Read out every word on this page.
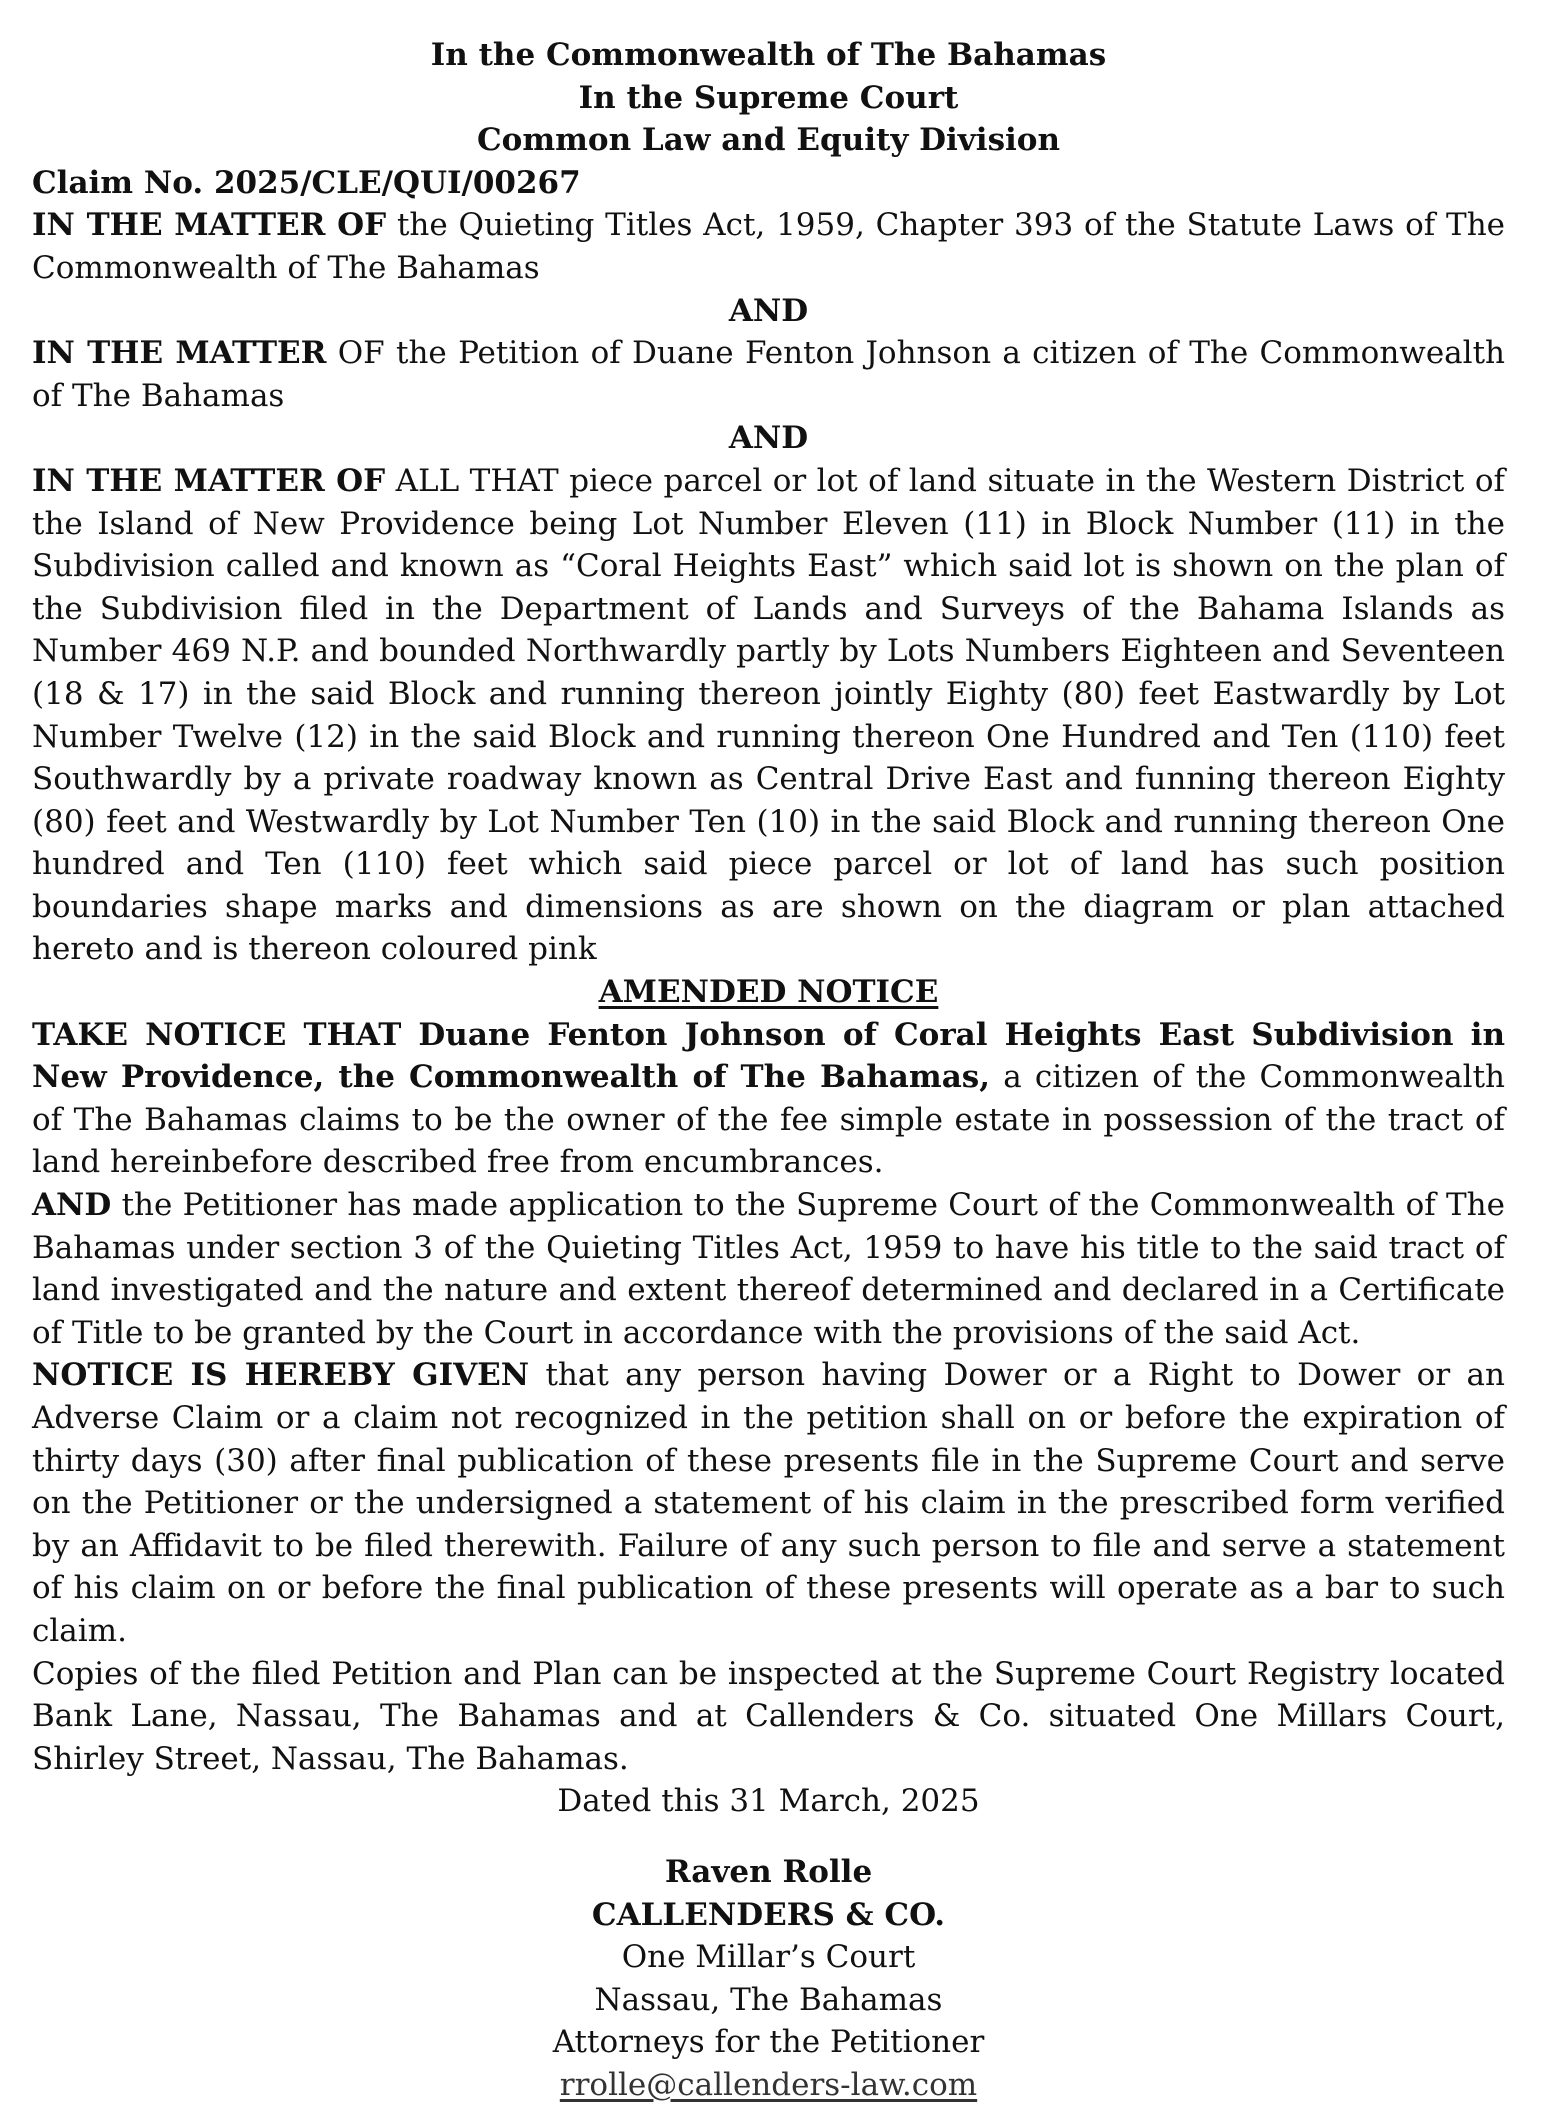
In the Commonwealth of The Bahamas
In the Supreme Court
Common Law and Equity Division
Claim No. 2025/CLE/QUI/00267
IN THE MATTER OF the Quieting Titles Act, 1959, Chapter 393 of the Statute Laws of The Commonwealth of The Bahamas
AND
IN THE MATTER OF the Petition of Duane Fenton Johnson a citizen of The Commonwealth of The Bahamas
AND
IN THE MATTER OF ALL THAT piece parcel or lot of land situate in the Western District of the Island of New Providence being Lot Number Eleven (11) in Block Number (11) in the Subdivision called and known as “Coral Heights East” which said lot is shown on the plan of the Subdivision filed in the Department of Lands and Surveys of the Bahama Islands as Number 469 N.P. and bounded Northwardly partly by Lots Numbers Eighteen and Seventeen (18 & 17) in the said Block and running thereon jointly Eighty (80) feet Eastwardly by Lot Number Twelve (12) in the said Block and running thereon One Hundred and Ten (110) feet Southwardly by a private roadway known as Central Drive East and funning thereon Eighty (80) feet and Westwardly by Lot Number Ten (10) in the said Block and running thereon One hundred and Ten (110) feet which said piece parcel or lot of land has such position boundaries shape marks and dimensions as are shown on the diagram or plan attached hereto and is thereon coloured pink
AMENDED NOTICE
TAKE NOTICE THAT Duane Fenton Johnson of Coral Heights East Subdivision in New Providence, the Commonwealth of The Bahamas, a citizen of the Commonwealth of The Bahamas claims to be the owner of the fee simple estate in possession of the tract of land hereinbefore described free from encumbrances.
AND the Petitioner has made application to the Supreme Court of the Commonwealth of The Bahamas under section 3 of the Quieting Titles Act, 1959 to have his title to the said tract of land investigated and the nature and extent thereof determined and declared in a Certificate of Title to be granted by the Court in accordance with the provisions of the said Act.
NOTICE IS HEREBY GIVEN that any person having Dower or a Right to Dower or an Adverse Claim or a claim not recognized in the petition shall on or before the expiration of thirty days (30) after final publication of these presents file in the Supreme Court and serve on the Petitioner or the undersigned a statement of his claim in the prescribed form verified by an Affidavit to be filed therewith. Failure of any such person to file and serve a statement of his claim on or before the final publication of these presents will operate as a bar to such claim.
Copies of the filed Petition and Plan can be inspected at the Supreme Court Registry located Bank Lane, Nassau, The Bahamas and at Callenders & Co. situated One Millars Court, Shirley Street, Nassau, The Bahamas.
Dated this 31 March, 2025
Raven Rolle
CALLENDERS & CO.
One Millar’s Court
Nassau, The Bahamas
Attorneys for the Petitioner
rrolle@callenders-law.com
